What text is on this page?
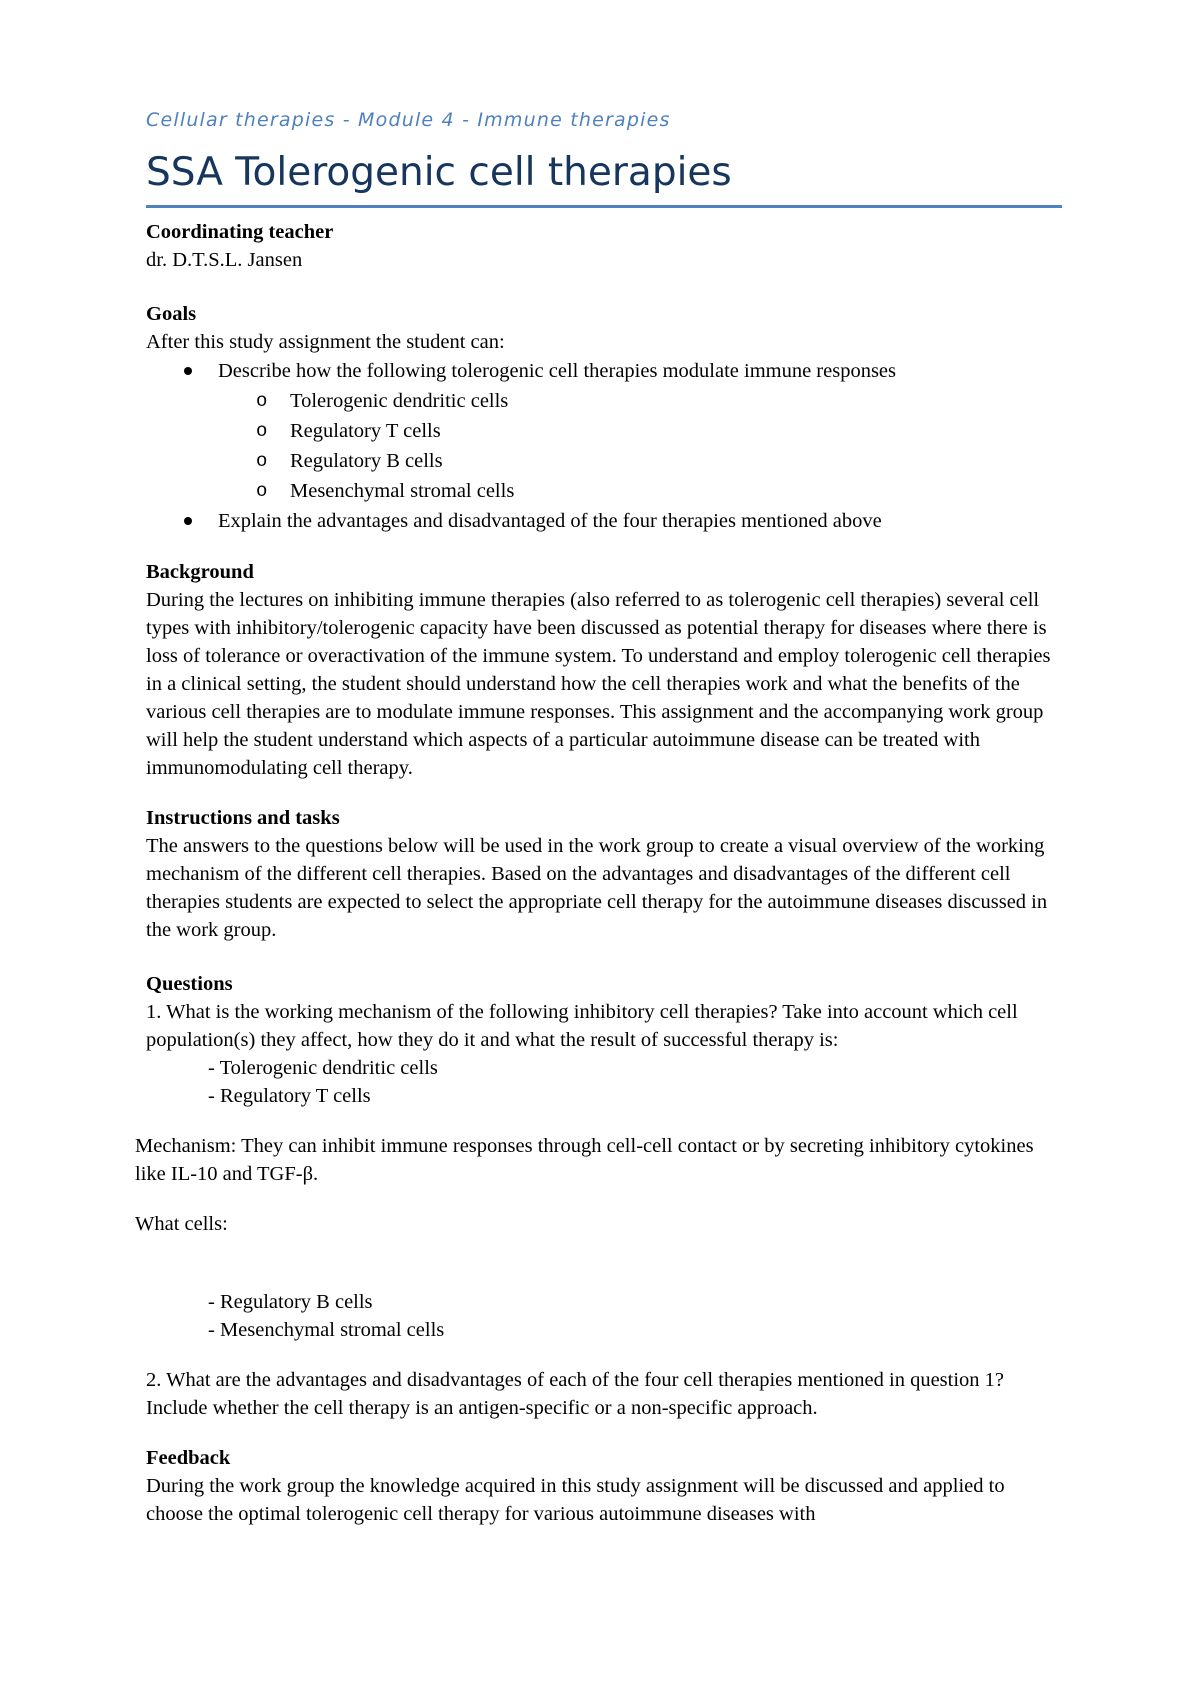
Cellular therapies - Module 4 - Immune therapies
SSA Tolerogenic cell therapies
Coordinating teacher
dr. D.T.S.L. Jansen
Goals
After this study assignment the student can:
Describe how the following tolerogenic cell therapies modulate immune responses
o Tolerogenic dendritic cells
o Regulatory T cells
o Regulatory B cells
o Mesenchymal stromal cells
Explain the advantages and disadvantaged of the four therapies mentioned above
Background
During the lectures on inhibiting immune therapies (also referred to as tolerogenic cell therapies) several cell types with inhibitory/tolerogenic capacity have been discussed as potential therapy for diseases where there is loss of tolerance or overactivation of the immune system. To understand and employ tolerogenic cell therapies in a clinical setting, the student should understand how the cell therapies work and what the benefits of the various cell therapies are to modulate immune responses. This assignment and the accompanying work group will help the student understand which aspects of a particular autoimmune disease can be treated with immunomodulating cell therapy.
Instructions and tasks
The answers to the questions below will be used in the work group to create a visual overview of the working mechanism of the different cell therapies. Based on the advantages and disadvantages of the different cell therapies students are expected to select the appropriate cell therapy for the autoimmune diseases discussed in the work group.
Questions
1. What is the working mechanism of the following inhibitory cell therapies? Take into account which cell population(s) they affect, how they do it and what the result of successful therapy is:
- Tolerogenic dendritic cells
- Regulatory T cells
Mechanism: They can inhibit immune responses through cell-cell contact or by secreting inhibitory cytokines like IL-10 and TGF-β.
What cells:
- Regulatory B cells
- Mesenchymal stromal cells
2. What are the advantages and disadvantages of each of the four cell therapies mentioned in question 1? Include whether the cell therapy is an antigen-specific or a non-specific approach.
Feedback
During the work group the knowledge acquired in this study assignment will be discussed and applied to choose the optimal tolerogenic cell therapy for various autoimmune diseases with
